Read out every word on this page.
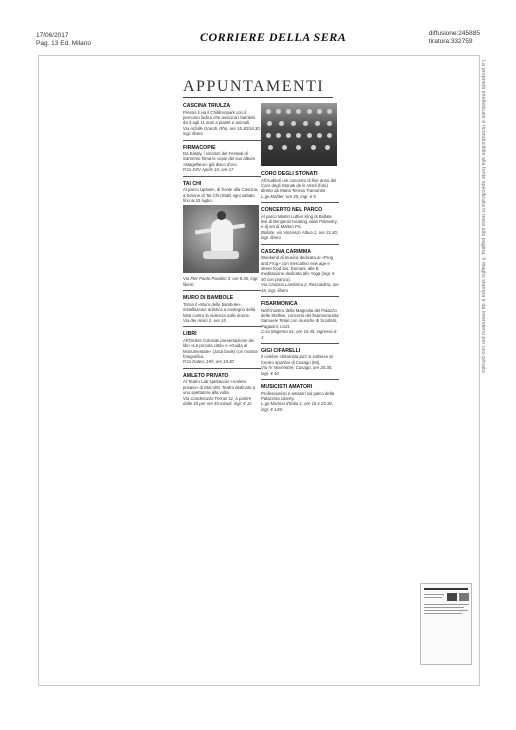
17/06/2017
Pag. 13 Ed. Milano	CORRIERE DELLA SERA	diffusione:245885
tiratura:332759
La proprietà intellettuale è riconducibile alla fonte specificata in testa alla pagina. Il ritaglio stampa è da intendersi per uso privato
APPUNTAMENTI
CASCINA TRIULZA
Presso il via il Childrenpark con il percorso ludico che avvicina i bambini da 3 agli 11 anni a piante e animali.
Via Achille Grandi, Rho, ore 15.30/16.30, ingr. libero
FIRMACOPIE
Da Eataly, i vincitori del Festival di Sanremo firma le copie del suo album «Magellano» già disco d'oro.
P.za XXV Aprile 10, ore 17
TAI CHI
Al parco Uptown, di fronte alla Cascina, a lezione di Tai Chi (Stali) ogni sabato fino al 15 luglio.
Via Pier Paolo Pasolini 3, ore 8.45, ingr. libero
MURO DI BAMBOLE
Torna il «Muro delle bambole», installazione artistica a sostegno della lotta contro la violenza sulle donne.
Via dei Amici 2, ore 15
LIBRI
All'Ombre Colorate presentazione dei libri «La piccola città» e «Guida al Monumentale» (Jaca book) con mostra fotografica.
P.za Dateo, 19/I, ore 18.30
AMLETO PRIVATO
Al Teatro Lab spettacolo «Amleto privato» di Stai Vitti. Teatro dedicato a uno spettatore alla volta.
Via Canderozzo Ferrari 11, a partire dalle 18 per ore 40 minuti, ingr. € 12
CORO DEGLI STONATI
All'Auditori um concerto di fine anno del Coro degli Stonati de le Verdi (foto) diretto da Maria Teresa Tramontin.
L.go Mahler, ore 20, ingr. € 5
CONCERTO NEL PARCO
Al parco Martin Luther King di Bollate live di Benjamin Keating, alias Palmistry, e dj set di Matteo Pic.
Bollate, via Vincenzo Attiva 1, ore 21.30, ingr. libero
CASCINA CARIMMA
Weekend di musica dedicata al «Prog and Frog» con mercatino new age e street food bio. Domani, alle 9, meditazione dedicata allo Yoga (ingr. € 40 con pranzo).
Via Cascina Lambrina 2, Rescaldina, ore 18, ingr. libero
FISARMONICA
Nell'chiostro della Magnolia del Palazzo delle Stelline, concerto del fisarmonicista Samuele Telari con musiche di Scarlatti, Paganini, Liszt.
C.so Magenta 61, ore 16.45, ingresso € 3
GIGI CIFARELLI
Il celebre chitarrista jazz si esibisce al Centro sportivo di Cusago (Mi).
Via IV Novembre, Cusago, ore 20.30, ingr. € 10
MUSICISTI AMATORI
Professionisti e amatori sul palco della Palazzina Liberty.
L.go Marinai d'Italia 1, ore 16 e 20.30, ingr. € 14/5
